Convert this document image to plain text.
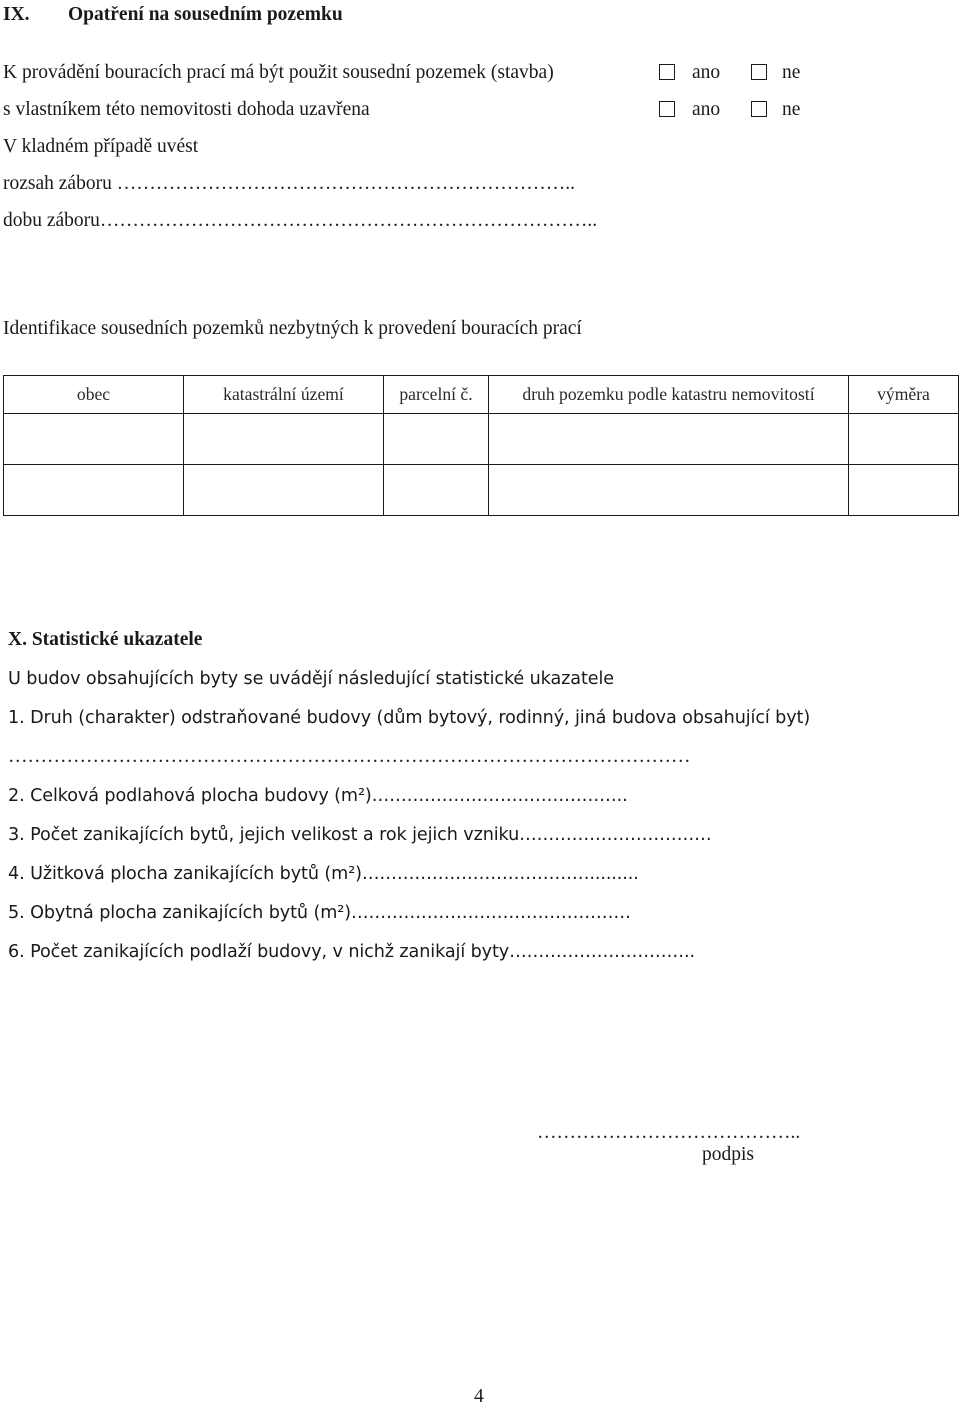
IX. Opatření na sousedním pozemku
K provádění bouracích prací má být použit sousední pozemek (stavba)	ano	ne
s vlastníkem této nemovitosti dohoda uzavřena	ano	ne
V kladném případě uvést
rozsah záboru ……………………………………………………………..
dobu záboru…………………………………………………………………..
Identifikace sousedních pozemků nezbytných k provedení bouracích prací
obec	katastrální území	parcelní č.	druh pozemku podle katastru nemovitostí	výměra

X. Statistické ukazatele
U budov obsahujících byty se uvádějí následující statistické ukazatele
1. Druh (charakter) odstraňované budovy (dům bytový, rodinný, jiná budova obsahující byt)
……………………………………………………………………………………………
2. Celková podlahová plocha budovy (m²)……………………………………..
3. Počet zanikajících bytů, jejich velikost a rok jejich vzniku……………………………
4. Užitková plocha zanikajících bytů (m²)………………………………….........
5. Obytná plocha zanikajících bytů (m²)…………………………………………
6. Počet zanikajících podlaží budovy, v nichž zanikají byty…………………………..
…………………………………..
podpis
4
